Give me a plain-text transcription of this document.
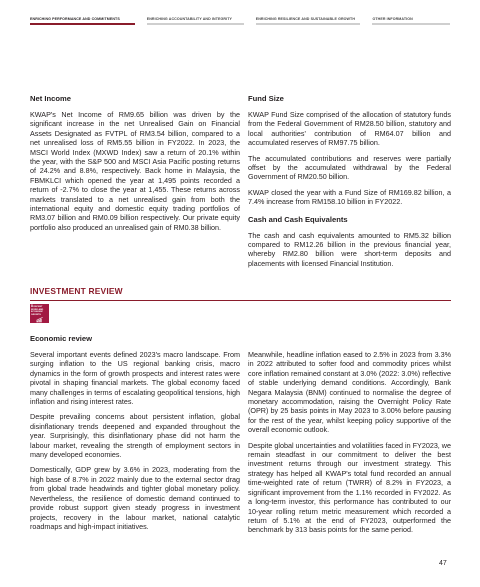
ENRICHING PERFORMANCE AND COMMITMENTS	ENRICHING ACCOUNTABILITY AND INTEGRITY	ENRICHING RESILIENCE AND SUSTAINABLE GROWTH	OTHER INFORMATION
Net Income

KWAP's Net Income of RM9.65 billion was driven by the significant increase in the net Unrealised Gain on Financial Assets Designated as FVTPL of RM3.54 billion, compared to a net unrealised loss of RM5.55 billion in FY2022. In 2023, the MSCI World Index (MXWD Index) saw a return of 20.1% within the year, with the S&P 500 and MSCI Asia Pacific posting returns of 24.2% and 8.8%, respectively. Back home in Malaysia, the FBMKLCI which opened the year at 1,495 points recorded a return of -2.7% to close the year at 1,455. These returns across markets translated to a net unrealised gain from both the international equity and domestic equity trading portfolios of RM3.07 billion and RM0.09 billion respectively. Our private equity portfolio also produced an unrealised gain of RM0.38 billion.

Fund Size

KWAP Fund Size comprised of the allocation of statutory funds from the Federal Government of RM28.50 billion, statutory and local authorities' contribution of RM64.07 billion and accumulated reserves of RM97.75 billion.

The accumulated contributions and reserves were partially offset by the accumulated withdrawal by the Federal Government of RM20.50 billion.

KWAP closed the year with a Fund Size of RM169.82 billion, a 7.4% increase from RM158.10 billion in FY2022.

Cash and Cash Equivalents

The cash and cash equivalents amounted to RM5.32 billion compared to RM12.26 billion in the previous financial year, whereby RM2.80 billion were short-term deposits and placements with licensed Financial Institution.

INVESTMENT REVIEW
8 DECENT WORK AND ECONOMIC GROWTH
Economic review

Several important events defined 2023's macro landscape. From surging inflation to the US regional banking crisis, macro dynamics in the form of growth prospects and interest rates were pivotal in shaping financial markets. The global economy faced many challenges in terms of escalating geopolitical tensions, high inflation and rising interest rates.

Despite prevailing concerns about persistent inflation, global disinflationary trends deepened and expanded throughout the year. Surprisingly, this disinflationary phase did not harm the labour market, revealing the strength of employment sectors in many developed economies.

Domestically, GDP grew by 3.6% in 2023, moderating from the high base of 8.7% in 2022 mainly due to the external sector drag from global trade headwinds and tighter global monetary policy. Nevertheless, the resilience of domestic demand continued to provide robust support given steady progress in investment projects, recovery in the labour market, national catalytic roadmaps and high-impact initiatives.

Meanwhile, headline inflation eased to 2.5% in 2023 from 3.3% in 2022 attributed to softer food and commodity prices whilst core inflation remained constant at 3.0% (2022: 3.0%) reflective of stable underlying demand conditions. Accordingly, Bank Negara Malaysia (BNM) continued to normalise the degree of monetary accommodation, raising the Overnight Policy Rate (OPR) by 25 basis points in May 2023 to 3.00% before pausing for the rest of the year, whilst keeping policy supportive of the overall economic outlook.

Despite global uncertainties and volatilities faced in FY2023, we remain steadfast in our commitment to deliver the best investment returns through our investment strategy. This strategy has helped all KWAP's total fund recorded an annual time-weighted rate of return (TWRR) of 8.2% in FY2023, a significant improvement from the 1.1% recorded in FY2022. As a long-term investor, this performance has contributed to our 10-year rolling return metric measurement which recorded a return of 5.1% at the end of FY2023, outperformed the benchmark by 313 basis points for the same period.

47
